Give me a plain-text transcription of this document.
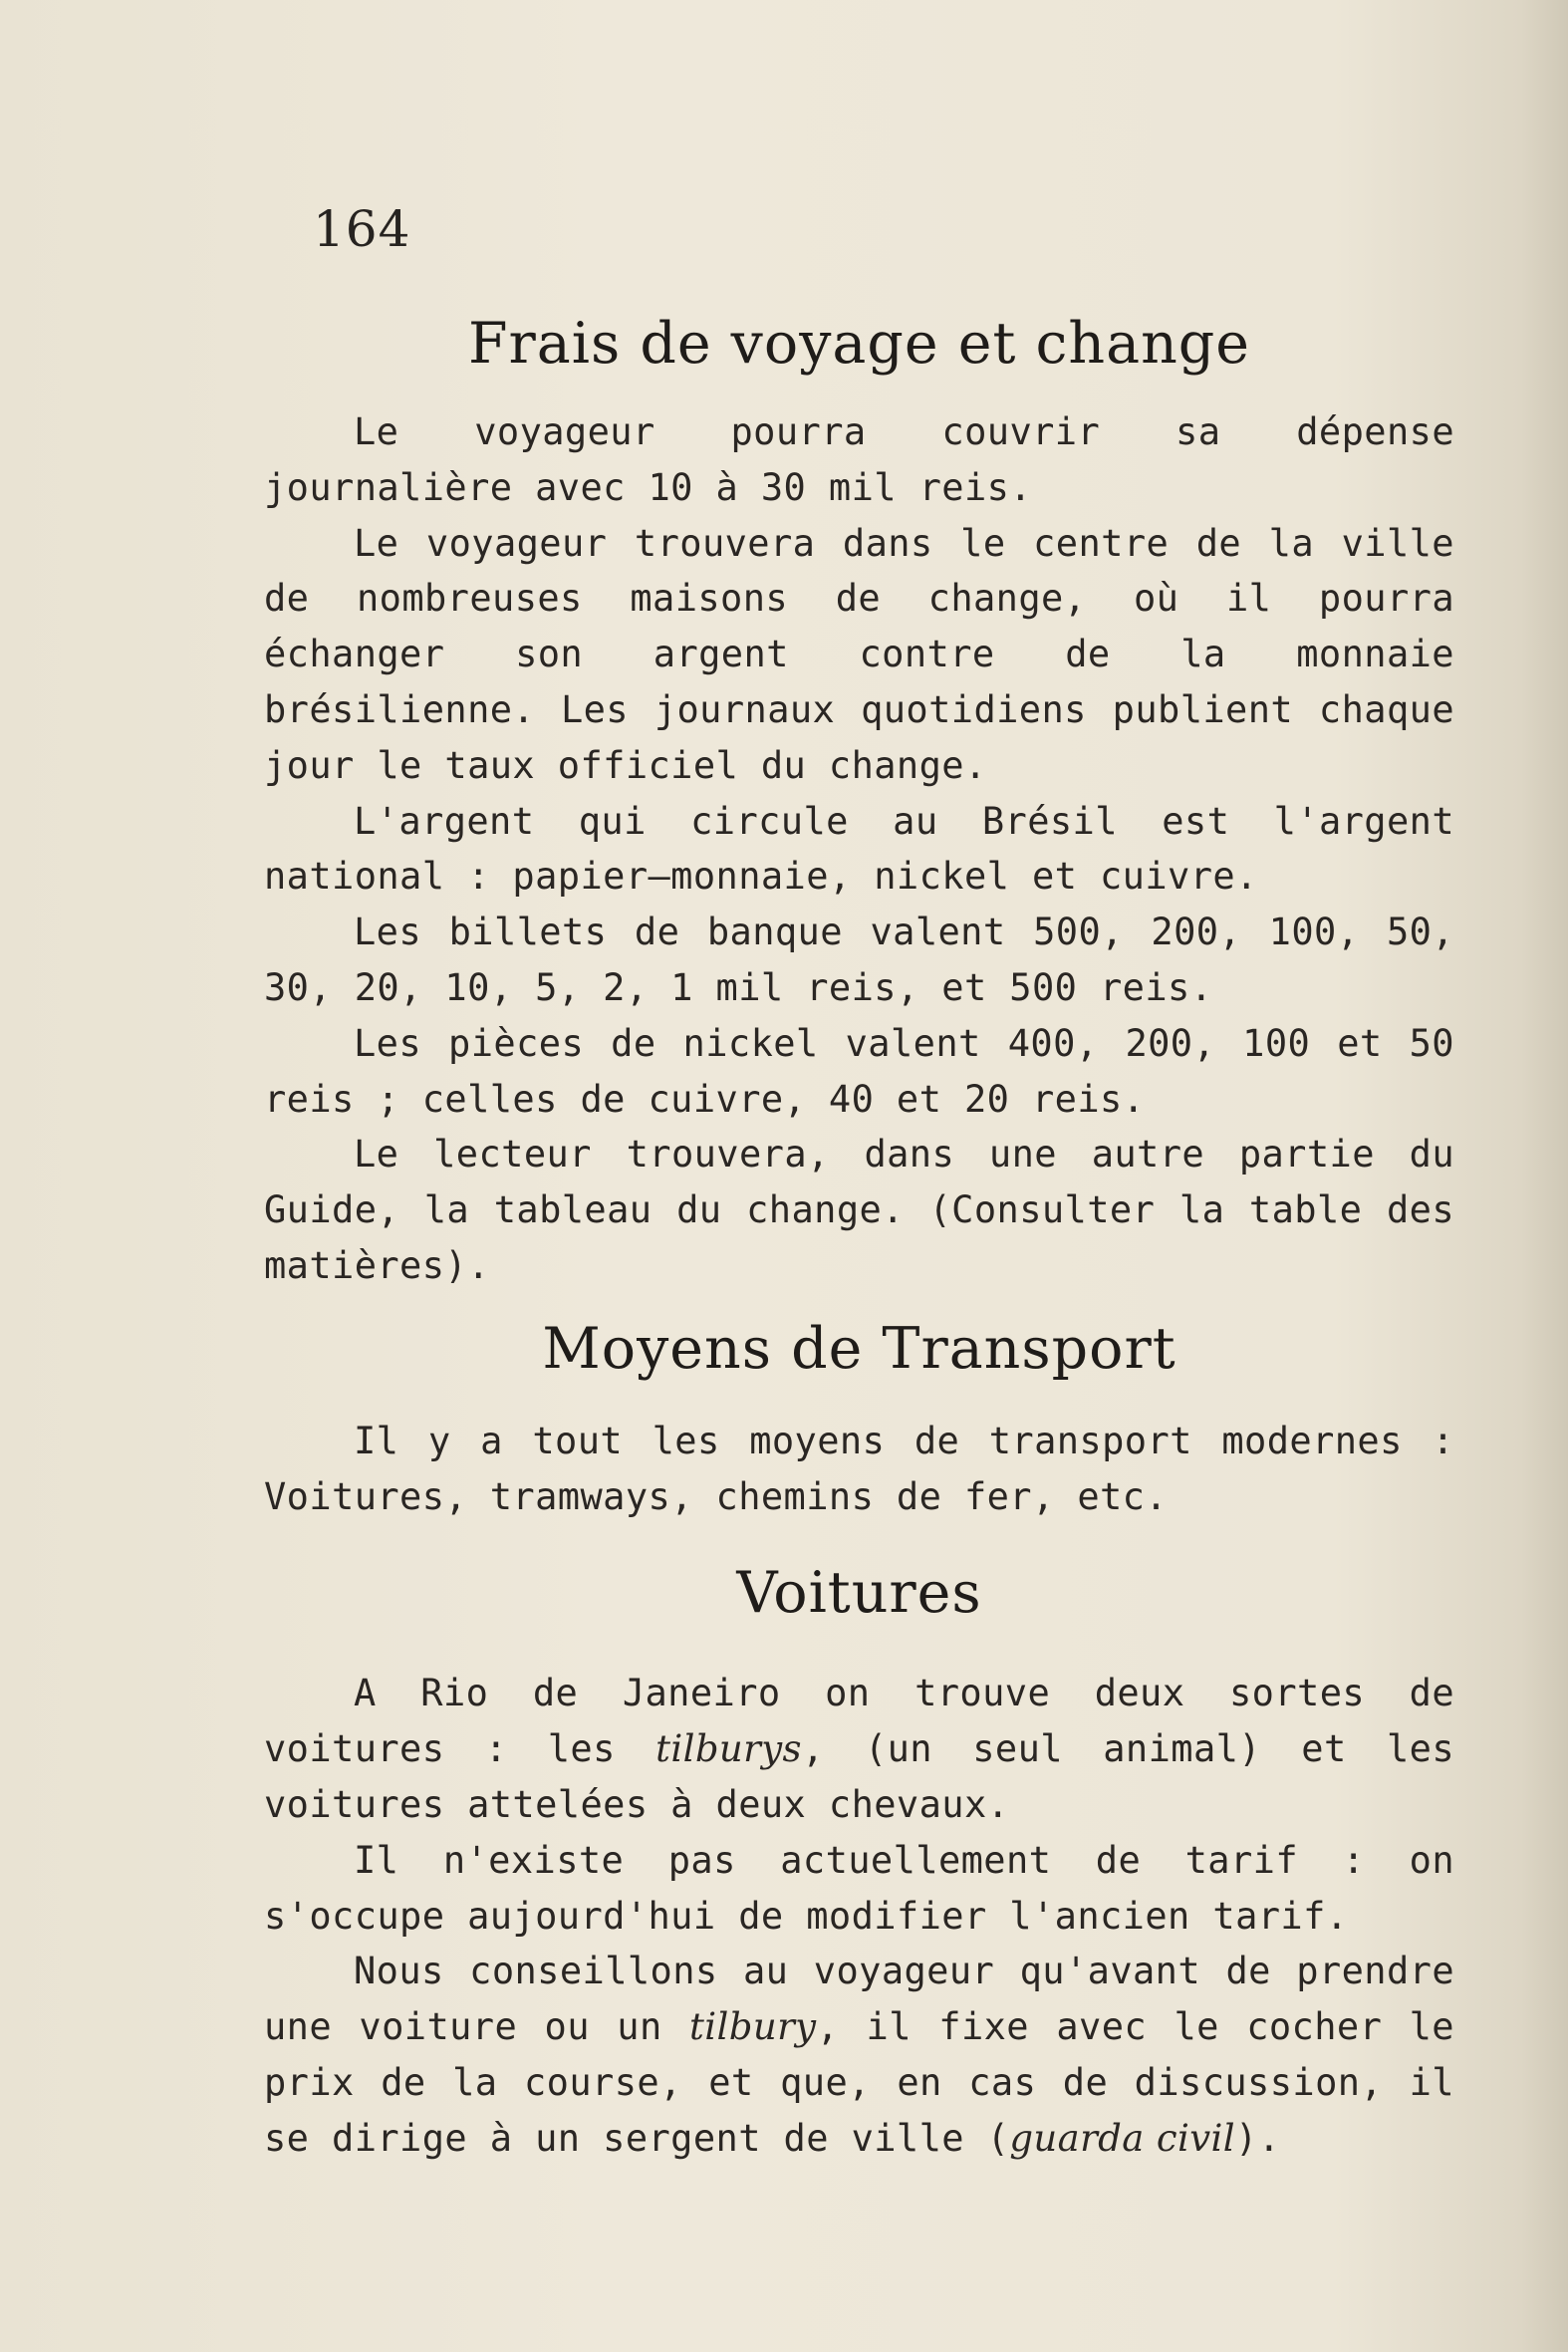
164
Frais de voyage et change

Le voyageur pourra couvrir sa dépense journalière avec 10 à 30 mil reis.

Le voyageur trouvera dans le centre de la ville de nombreuses maisons de change, où il pourra échanger son argent contre de la monnaie brésilienne. Les journaux quotidiens publient chaque jour le taux officiel du change.

L'argent qui circule au Brésil est l'argent national : papier—monnaie, nickel et cuivre.

Les billets de banque valent 500, 200, 100, 50, 30, 20, 10, 5, 2, 1 mil reis, et 500 reis.

Les pièces de nickel valent 400, 200, 100 et 50 reis ; celles de cuivre, 40 et 20 reis.

Le lecteur trouvera, dans une autre partie du Guide, la tableau du change. (Consulter la table des matières).

Moyens de Transport

Il y a tout les moyens de transport modernes : Voitures, tramways, chemins de fer, etc.

Voitures

A Rio de Janeiro on trouve deux sortes de voitures : les tilburys, (un seul animal) et les voitures attelées à deux chevaux.

Il n'existe pas actuellement de tarif : on s'occupe aujourd'hui de modifier l'ancien tarif.

Nous conseillons au voyageur qu'avant de prendre une voiture ou un tilbury, il fixe avec le cocher le prix de la course, et que, en cas de discussion, il se dirige à un sergent de ville (guarda civil).
